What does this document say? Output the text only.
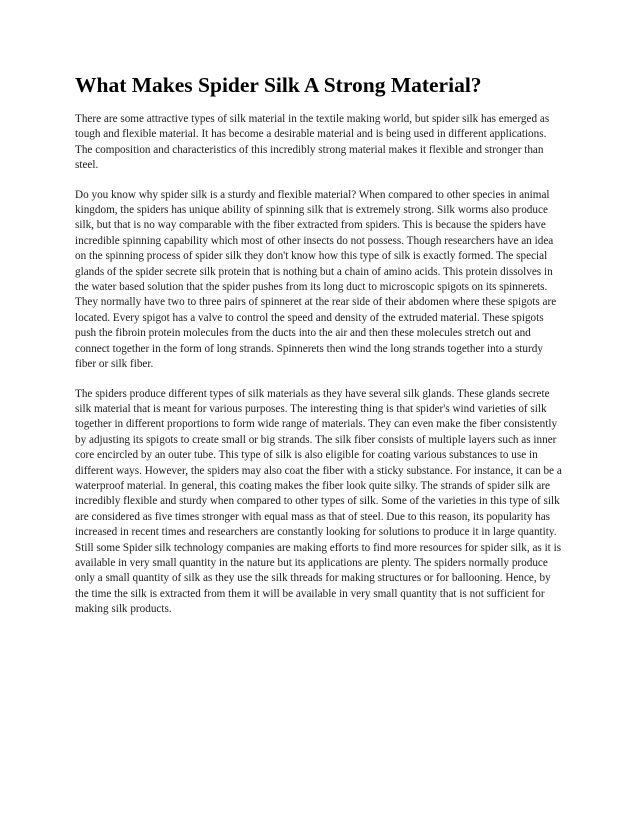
What Makes Spider Silk A Strong Material?

There are some attractive types of silk material in the textile making world, but spider silk has emerged as tough and flexible material. It has become a desirable material and is being used in different applications. The composition and characteristics of this incredibly strong material makes it flexible and stronger than steel.

Do you know why spider silk is a sturdy and flexible material? When compared to other species in animal kingdom, the spiders has unique ability of spinning silk that is extremely strong. Silk worms also produce silk, but that is no way comparable with the fiber extracted from spiders. This is because the spiders have incredible spinning capability which most of other insects do not possess. Though researchers have an idea on the spinning process of spider silk they don't know how this type of silk is exactly formed. The special glands of the spider secrete silk protein that is nothing but a chain of amino acids. This protein dissolves in the water based solution that the spider pushes from its long duct to microscopic spigots on its spinnerets. They normally have two to three pairs of spinneret at the rear side of their abdomen where these spigots are located. Every spigot has a valve to control the speed and density of the extruded material. These spigots push the fibroin protein molecules from the ducts into the air and then these molecules stretch out and connect together in the form of long strands. Spinnerets then wind the long strands together into a sturdy fiber or silk fiber.

The spiders produce different types of silk materials as they have several silk glands. These glands secrete silk material that is meant for various purposes. The interesting thing is that spider's wind varieties of silk together in different proportions to form wide range of materials. They can even make the fiber consistently by adjusting its spigots to create small or big strands. The silk fiber consists of multiple layers such as inner core encircled by an outer tube. This type of silk is also eligible for coating various substances to use in different ways. However, the spiders may also coat the fiber with a sticky substance. For instance, it can be a waterproof material. In general, this coating makes the fiber look quite silky. The strands of spider silk are incredibly flexible and sturdy when compared to other types of silk. Some of the varieties in this type of silk are considered as five times stronger with equal mass as that of steel. Due to this reason, its popularity has increased in recent times and researchers are constantly looking for solutions to produce it in large quantity. Still some Spider silk technology companies are making efforts to find more resources for spider silk, as it is available in very small quantity in the nature but its applications are plenty. The spiders normally produce only a small quantity of silk as they use the silk threads for making structures or for ballooning. Hence, by the time the silk is extracted from them it will be available in very small quantity that is not sufficient for making silk products.
